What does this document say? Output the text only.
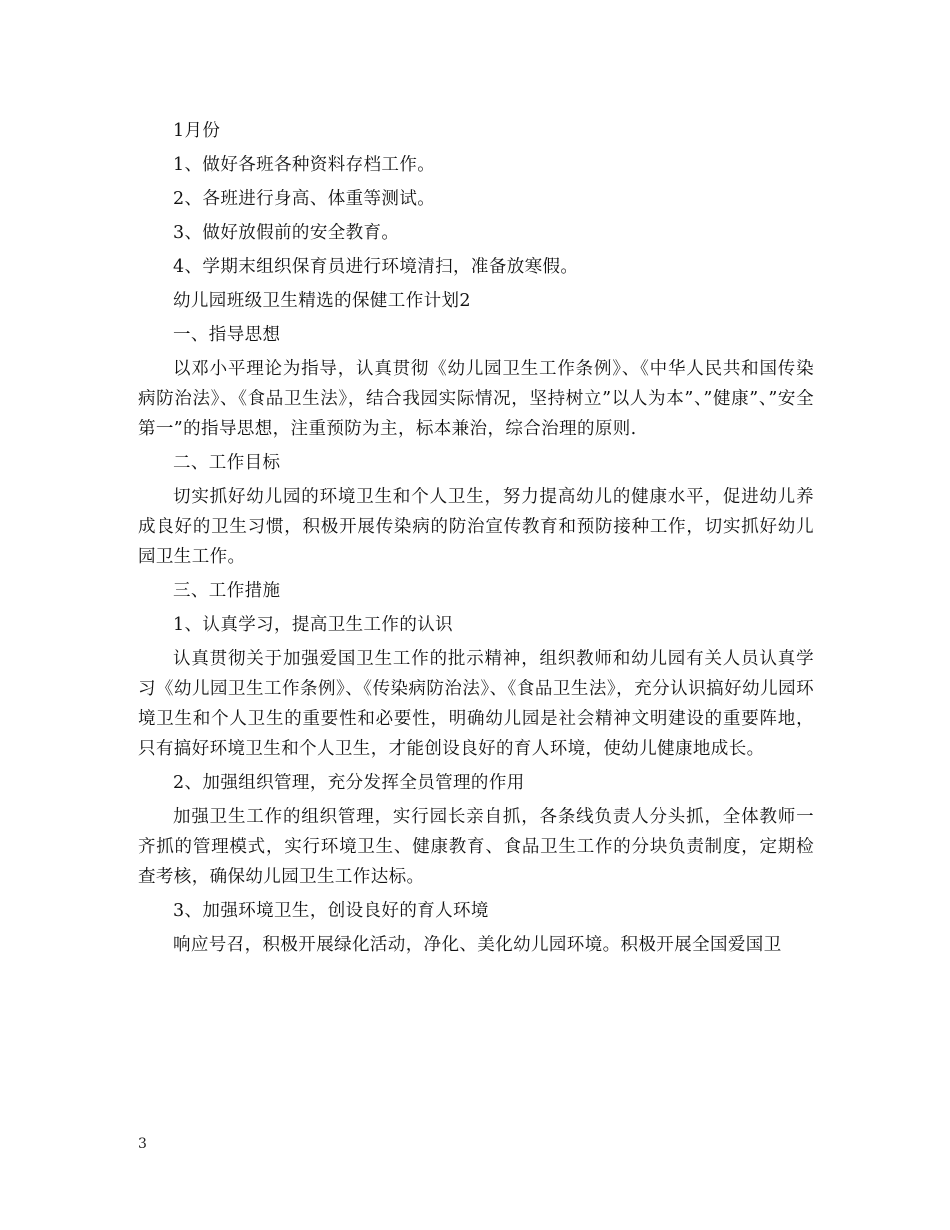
1月份

1、做好各班各种资料存档工作。

2、各班进行身高、体重等测试。

3、做好放假前的安全教育。

4、学期末组织保育员进行环境清扫，准备放寒假。

幼儿园班级卫生精选的保健工作计划2

一、指导思想

以邓小平理论为指导，认真贯彻《幼儿园卫生工作条例》、《中华人民共和国传染病防治法》、《食品卫生法》，结合我园实际情况，坚持树立”以人为本”、”健康”、”安全第一”的指导思想，注重预防为主，标本兼治，综合治理的原则.

二、工作目标

切实抓好幼儿园的环境卫生和个人卫生，努力提高幼儿的健康水平，促进幼儿养成良好的卫生习惯，积极开展传染病的防治宣传教育和预防接种工作，切实抓好幼儿园卫生工作。

三、工作措施

1、认真学习，提高卫生工作的认识

认真贯彻关于加强爱国卫生工作的批示精神，组织教师和幼儿园有关人员认真学习《幼儿园卫生工作条例》、《传染病防治法》、《食品卫生法》，充分认识搞好幼儿园环境卫生和个人卫生的重要性和必要性，明确幼儿园是社会精神文明建设的重要阵地，只有搞好环境卫生和个人卫生，才能创设良好的育人环境，使幼儿健康地成长。

2、加强组织管理，充分发挥全员管理的作用

加强卫生工作的组织管理，实行园长亲自抓，各条线负责人分头抓，全体教师一齐抓的管理模式，实行环境卫生、健康教育、食品卫生工作的分块负责制度，定期检查考核，确保幼儿园卫生工作达标。

3、加强环境卫生，创设良好的育人环境

响应号召，积极开展绿化活动，净化、美化幼儿园环境。积极开展全国爱国卫

3
